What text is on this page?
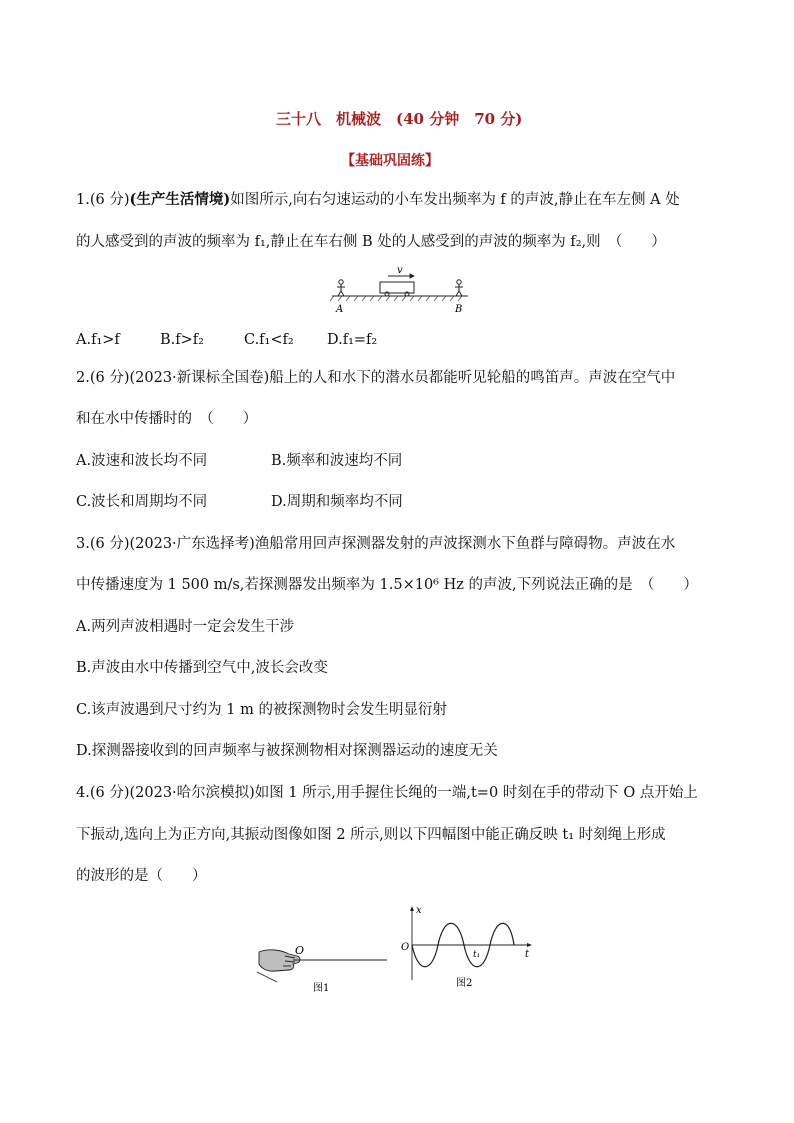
三十八　机械波　(40 分钟　70 分)
【基础巩固练】
1.(6 分)(生产生活情境)如图所示,向右匀速运动的小车发出频率为 f 的声波,静止在车左侧 A 处
的人感受到的声波的频率为 f₁,静止在车右侧 B 处的人感受到的声波的频率为 f₂,则　（　　）
v
A	B
A.f₁>f	B.f>f₂	C.f₁<f₂ D.f₁=f₂
2.(6 分)(2023·新课标全国卷)船上的人和水下的潜水员都能听见轮船的鸣笛声。声波在空气中
和在水中传播时的　（　　）
A.波速和波长均不同	B.频率和波速均不同
C.波长和周期均不同	D.周期和频率均不同
3.(6 分)(2023·广东选择考)渔船常用回声探测器发射的声波探测水下鱼群与障碍物。声波在水
中传播速度为 1 500 m/s,若探测器发出频率为 1.5×10⁶ Hz 的声波,下列说法正确的是　（　　）
A.两列声波相遇时一定会发生干涉
B.声波由水中传播到空气中,波长会改变
C.该声波遇到尺寸约为 1 m 的被探测物时会发生明显衍射
D.探测器接收到的回声频率与被探测物相对探测器运动的速度无关
4.(6 分)(2023·哈尔滨模拟)如图 1 所示,用手握住长绳的一端,t=0 时刻在手的带动下 O 点开始上
下振动,选向上为正方向,其振动图像如图 2 所示,则以下四幅图中能正确反映 t₁ 时刻绳上形成
的波形的是（　　）
O
图1
x
O
t
t₁
图2
